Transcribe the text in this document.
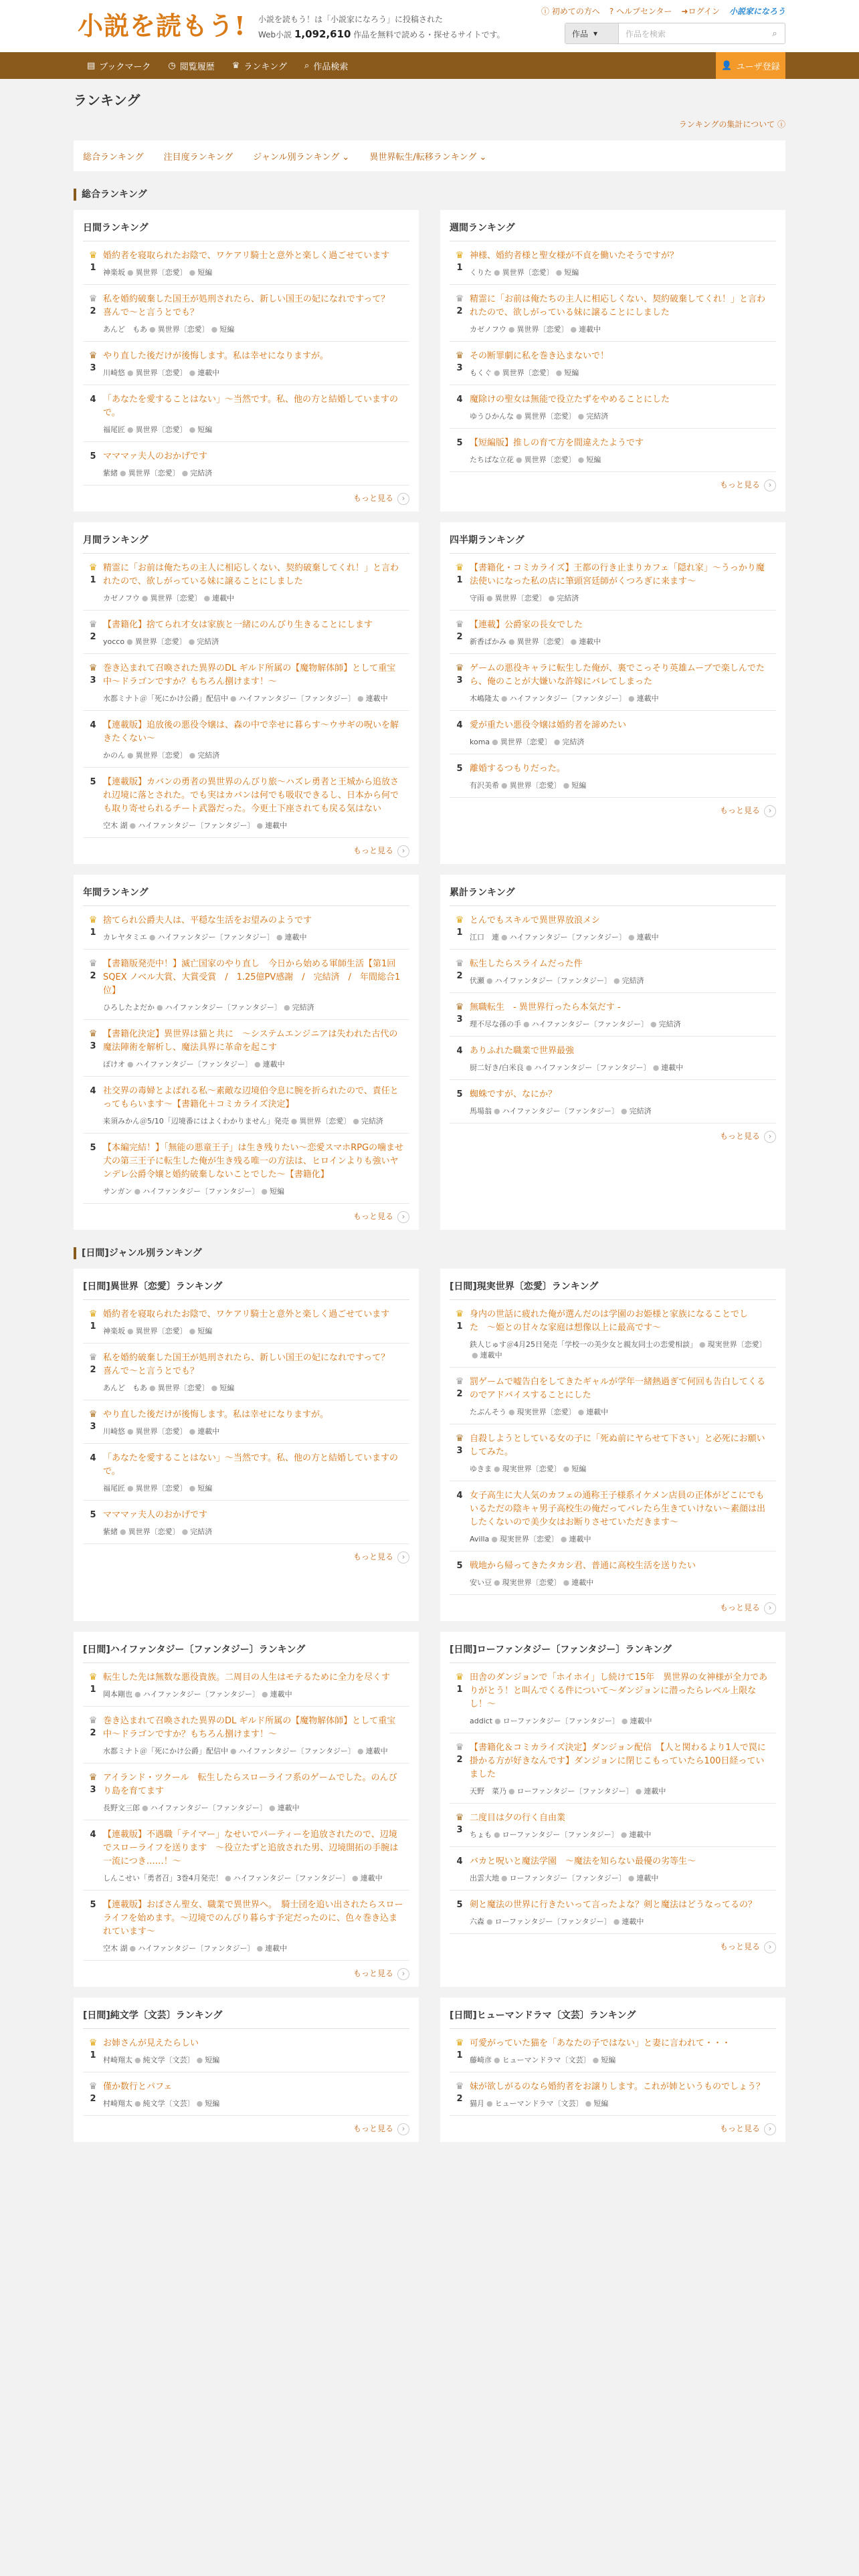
小説を読もう! 小説を読もう！は「小説家になろう」に投稿された
Web小説 1,092,610 作品を無料で読める・探せるサイトです。
ⓘ 初めての方へ ? ヘルプセンター ➜ログイン 小説家になろう
作品 ▾	作品を検索	⌕
▤ ブックマーク ◷ 閲覧履歴 ♛ ランキング ⌕ 作品検索	👤 ユーザ登録
ランキング
ランキングの集計について ⓘ
総合ランキング 注目度ランキング ジャンル別ランキング ⌄ 異世界転生/転移ランキング ⌄
総合ランキング
日間ランキング
♛
1
婚約者を寝取られたお陰で、ワケアリ騎士と意外と楽しく過ごせています
神楽坂 ● 異世界〔恋愛〕 ● 短編
♛
2
私を婚約破棄した国王が処刑されたら、新しい国王の妃になれですって？　喜んで〜と言うとでも？
あんど　もあ ● 異世界〔恋愛〕 ● 短編
♛
3
やり直した後だけが後悔します。私は幸せになりますが。
川崎悠 ● 異世界〔恋愛〕 ● 連載中
4 「あなたを愛することはない」〜当然です。私、他の方と結婚していますので。
福尾匠 ● 異世界〔恋愛〕 ● 短編
5 マママァ夫人のおかげです
紫緒 ● 異世界〔恋愛〕 ● 完結済
もっと見る ›
週間ランキング
♛
1
神様、婚約者様と聖女様が不貞を働いたそうですが？
くりた ● 異世界〔恋愛〕 ● 短編
♛
2
精霊に「お前は俺たちの主人に相応しくない、契約破棄してくれ！」と言われたので、欲しがっている妹に譲ることにしました
カゼノフウ ● 異世界〔恋愛〕 ● 連載中
♛
3
その断罪劇に私を巻き込まないで！
もくぐ ● 異世界〔恋愛〕 ● 短編
4 魔除けの聖女は無能で役立たずをやめることにした
ゆうひかんな ● 異世界〔恋愛〕 ● 完結済
5 【短編版】推しの育て方を間違えたようです
たちばな立花 ● 異世界〔恋愛〕 ● 短編
もっと見る ›
月間ランキング
♛
1
精霊に「お前は俺たちの主人に相応しくない、契約破棄してくれ！」と言われたので、欲しがっている妹に譲ることにしました
カゼノフウ ● 異世界〔恋愛〕 ● 連載中
♛
2
【書籍化】捨てられ才女は家族と一緒にのんびり生きることにします
yocco ● 異世界〔恋愛〕 ● 完結済
♛
3
巻き込まれて召喚された異界のDL ギルド所属の【魔物解体師】として重宝中〜ドラゴンですか？もちろん捌けます！〜
水都ミナト＠「死にかけ公爵」配信中 ● ハイファンタジー〔ファンタジー〕 ● 連載中
4 【連載版】追放後の悪役令嬢は、森の中で幸せに暮らす〜ウサギの呪いを解きたくない〜
かのん ● 異世界〔恋愛〕 ● 完結済
5 【連載版】カバンの勇者の異世界のんびり旅〜ハズレ勇者と王城から追放され辺境に落とされた。でも実はカバンは何でも吸収できるし、日本から何でも取り寄せられるチート武器だった。今更土下座されても戻る気はない
空木 湖 ● ハイファンタジー〔ファンタジー〕 ● 連載中
もっと見る ›
四半期ランキング
♛
1
【書籍化・コミカライズ】王都の行き止まりカフェ「隠れ家」〜うっかり魔法使いになった私の店に筆頭宮廷師がくつろぎに来ます〜
守雨 ● 異世界〔恋愛〕 ● 完結済
♛
2
【連載】公爵家の長女でした
新香ぱかみ ● 異世界〔恋愛〕 ● 連載中
♛
3
ゲームの悪役キャラに転生した俺が、裏でこっそり英雄ムーブで楽しんでたら、俺のことが大嫌いな許嫁にバレてしまった
木嶋隆太 ● ハイファンタジー〔ファンタジー〕 ● 連載中
4 愛が重たい悪役令嬢は婚約者を諦めたい
koma ● 異世界〔恋愛〕 ● 完結済
5 離婚するつもりだった。
有沢美希 ● 異世界〔恋愛〕 ● 短編
もっと見る ›
年間ランキング
♛
1
捨てられ公爵夫人は、平穏な生活をお望みのようです
カレヤタミエ ● ハイファンタジー〔ファンタジー〕 ● 連載中
♛
2
【書籍版発売中！】滅亡国家のやり直し　今日から始める軍師生活【第1回SQEX ノベル大賞、大賞受賞　/　1.25億PV感謝　/　完結済　/　年間総合1位】
ひろしたよだか ● ハイファンタジー〔ファンタジー〕 ● 完結済
♛
3
【書籍化決定】異世界は猫と共に　〜システムエンジニアは失われた古代の魔法陣術を解析し、魔法具界に革命を起こす
ぽけオ ● ハイファンタジー〔ファンタジー〕 ● 連載中
4 社交界の毒婦とよばれる私〜素敵な辺境伯令息に腕を折られたので、責任とってもらいます〜【書籍化＋コミカライズ決定】
来須みかん＠5/10「辺境番にはよくわかりません」発売 ● 異世界〔恋愛〕 ● 完結済
5 【本編完結！】「無能の悪童王子」は生き残りたい〜恋愛スマホRPGの噛ませ犬の第三王子に転生した俺が生き残る唯一の方法は、ヒロインよりも強いヤンデレ公爵令嬢と婚約破棄しないことでした〜【書籍化】
サンガン ● ハイファンタジー〔ファンタジー〕 ● 短編
もっと見る ›
累計ランキング
♛
1
とんでもスキルで異世界放浪メシ
江口　連 ● ハイファンタジー〔ファンタジー〕 ● 連載中
♛
2
転生したらスライムだった件
伏瀬 ● ハイファンタジー〔ファンタジー〕 ● 完結済
♛
3
無職転生　- 異世界行ったら本気だす -
理不尽な孫の手 ● ハイファンタジー〔ファンタジー〕 ● 完結済
4 ありふれた職業で世界最強
厨二好き/白米良 ● ハイファンタジー〔ファンタジー〕 ● 連載中
5 蜘蛛ですが、なにか？
馬場翁 ● ハイファンタジー〔ファンタジー〕 ● 完結済
もっと見る ›
[日間]ジャンル別ランキング
[日間]異世界〔恋愛〕ランキング
♛
1
婚約者を寝取られたお陰で、ワケアリ騎士と意外と楽しく過ごせています
神楽坂 ● 異世界〔恋愛〕 ● 短編
♛
2
私を婚約破棄した国王が処刑されたら、新しい国王の妃になれですって？　喜んで〜と言うとでも？
あんど　もあ ● 異世界〔恋愛〕 ● 短編
♛
3
やり直した後だけが後悔します。私は幸せになりますが。
川崎悠 ● 異世界〔恋愛〕 ● 連載中
4 「あなたを愛することはない」〜当然です。私、他の方と結婚していますので。
福尾匠 ● 異世界〔恋愛〕 ● 短編
5 マママァ夫人のおかげです
紫緒 ● 異世界〔恋愛〕 ● 完結済
もっと見る ›
[日間]現実世界〔恋愛〕ランキング
♛
1
身内の世話に疲れた俺が選んだのは学園のお姫様と家族になることでした　〜姫との甘々な家庭は想像以上に最高です〜
鉄人じゅす＠4月25日発売「学校一の美少女と親友同士の恋愛相談」 ● 現実世界〔恋愛〕● 連載中
♛
2
罰ゲームで嘘告白をしてきたギャルが学年一緒熱過ぎて何回も告白してくるのでアドバイスすることにした
たぶんそう ● 現実世界〔恋愛〕 ● 連載中
♛
3
自殺しようとしている女の子に「死ぬ前にヤらせて下さい」と必死にお願いしてみた。
ゆきま ● 現実世界〔恋愛〕 ● 短編
4 女子高生に大人気のカフェの通称王子様系イケメン店員の正体がどこにでもいるただの陰キャ男子高校生の俺だってバレたら生きていけない〜素顔は出したくないので美少女はお断りさせていただきます〜
Avilla ● 現実世界〔恋愛〕 ● 連載中
5 戦地から帰ってきたタカシ君、普通に高校生活を送りたい
安い豆 ● 現実世界〔恋愛〕 ● 連載中
もっと見る ›
[日間]ハイファンタジー〔ファンタジー〕ランキング
♛
1
転生した先は無数な悪役貴族。二周目の人生はモテるために全力を尽くす
岡本剛也 ● ハイファンタジー〔ファンタジー〕 ● 連載中
♛
2
巻き込まれて召喚された異界のDL ギルド所属の【魔物解体師】として重宝中〜ドラゴンですか？もちろん捌けます！〜
水都ミナト＠「死にかけ公爵」配信中 ● ハイファンタジー〔ファンタジー〕 ● 連載中
♛
3
アイランド・ツクール　転生したらスローライフ系のゲームでした。のんびり島を育てます
長野文三郎 ● ハイファンタジー〔ファンタジー〕 ● 連載中
4 【連載版】不遇職「テイマー」なせいでパーティーを追放されたので、辺境でスローライフを送ります　〜役立たずと追放された男、辺境開拓の手腕は一流につき……！〜
しんこせい「勇者召」3巻4月発売！ ● ハイファンタジー〔ファンタジー〕 ● 連載中
5 【連載版】おばさん聖女、職業で異世界へ。　騎士団を追い出されたらスローライフを始めます。〜辺境でのんびり暮らす予定だったのに、色々巻き込まれています〜
空木 湖 ● ハイファンタジー〔ファンタジー〕 ● 連載中
もっと見る ›
[日間]ローファンタジー〔ファンタジー〕ランキング
♛
1
田舎のダンジョンで「ホイホイ」し続けて15年　異世界の女神様が全力でありがとう！と叫んでくる件について～ダンジョンに潜ったらレベル上限なし！～
addict ● ローファンタジー〔ファンタジー〕 ● 連載中
♛
2
【書籍化＆コミカライズ決定】ダンジョン配信　【人と関わるより1人で罠に掛かる方が好きなんです】ダンジョンに閉じこもっていたら100日経っていました
天野　菜乃 ● ローファンタジー〔ファンタジー〕 ● 連載中
♛
3
二度目は夕の行く自由業
ちょも ● ローファンタジー〔ファンタジー〕 ● 連載中
4 バカと呪いと魔法学園　〜魔法を知らない最優の劣等生〜
出雲大地 ● ローファンタジー〔ファンタジー〕 ● 連載中
5 剣と魔法の世界に行きたいって言ったよな？剣と魔法はどうなってるの？
六森 ● ローファンタジー〔ファンタジー〕 ● 連載中
もっと見る ›
[日間]純文学〔文芸〕ランキング
♛
1
お姉さんが見えたらしい
村崎翔太 ● 純文学〔文芸〕 ● 短編
♛
2
僅か数行とパフェ
村崎翔太 ● 純文学〔文芸〕 ● 短編
もっと見る ›
[日間]ヒューマンドラマ〔文芸〕ランキング
♛
1
可愛がっていた猫を「あなたの子ではない」と妻に言われて・・・
藤崎彦 ● ヒューマンドラマ〔文芸〕 ● 短編
♛
2
妹が欲しがるのなら婚約者をお譲りします。これが姉というものでしょう？
猫月 ● ヒューマンドラマ〔文芸〕 ● 短編
もっと見る ›
